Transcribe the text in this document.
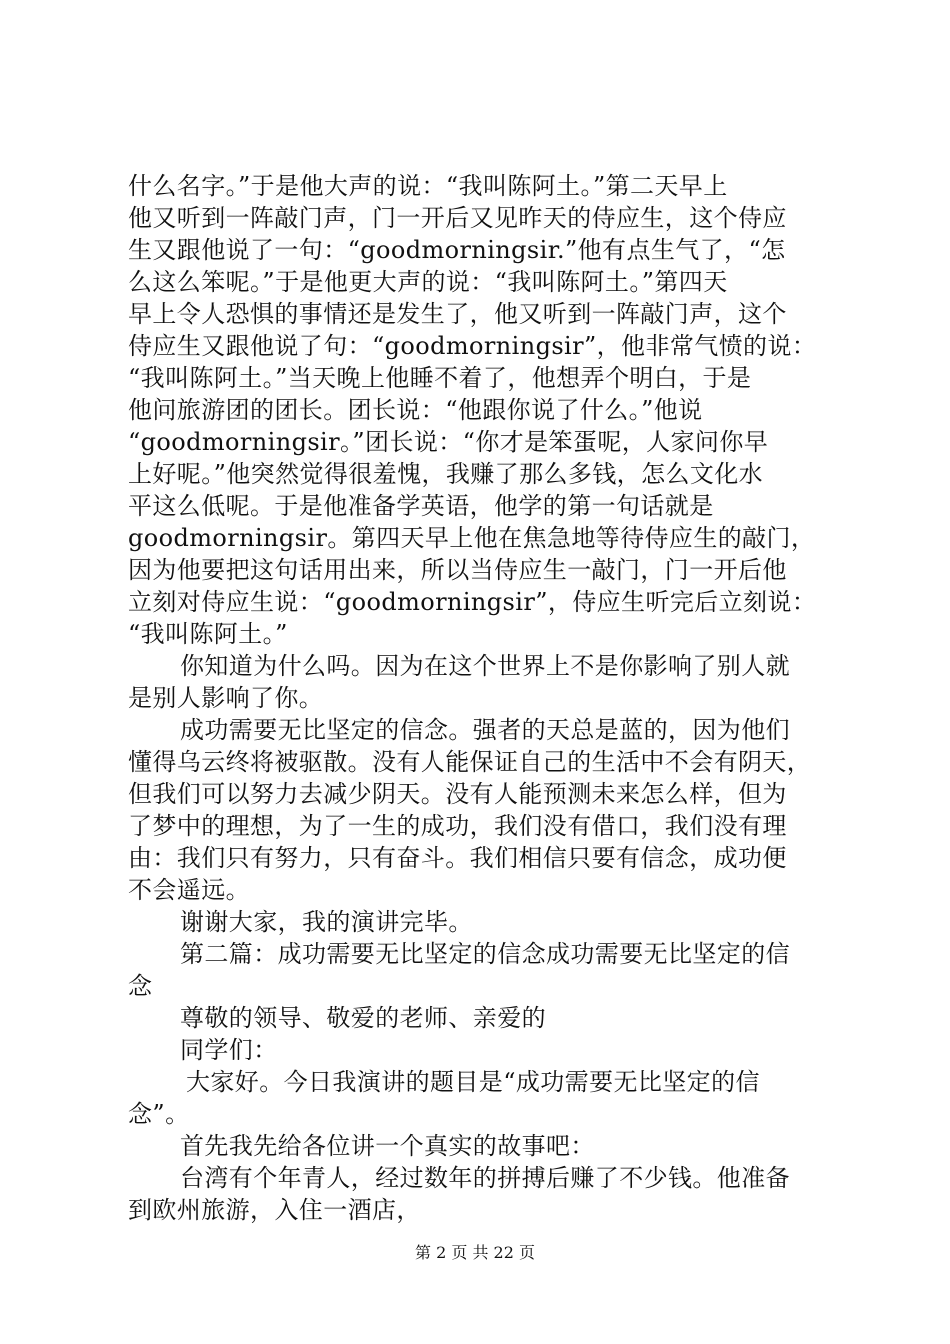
什么名字。”于是他大声的说：“我叫陈阿土。”第二天早上
他又听到一阵敲门声，门一开后又见昨天的侍应生，这个侍应
生又跟他说了一句：“goodmorningsir.”他有点生气了，“怎
么这么笨呢。”于是他更大声的说：“我叫陈阿土。”第四天
早上令人恐惧的事情还是发生了，他又听到一阵敲门声，这个
侍应生又跟他说了句：“goodmorningsir”，他非常气愤的说：
“我叫陈阿土。”当天晚上他睡不着了，他想弄个明白，于是
他问旅游团的团长。团长说：“他跟你说了什么。”他说
“goodmorningsir。”团长说：“你才是笨蛋呢，人家问你早
上好呢。”他突然觉得很羞愧，我赚了那么多钱，怎么文化水
平这么低呢。于是他准备学英语，他学的第一句话就是
goodmorningsir。第四天早上他在焦急地等待侍应生的敲门，
因为他要把这句话用出来，所以当侍应生一敲门，门一开后他
立刻对侍应生说：“goodmorningsir”，侍应生听完后立刻说：
“我叫陈阿土。”
你知道为什么吗。因为在这个世界上不是你影响了别人就
是别人影响了你。
成功需要无比坚定的信念。强者的天总是蓝的，因为他们
懂得乌云终将被驱散。没有人能保证自己的生活中不会有阴天，
但我们可以努力去减少阴天。没有人能预测未来怎么样，但为
了梦中的理想，为了一生的成功，我们没有借口，我们没有理
由：我们只有努力，只有奋斗。我们相信只要有信念，成功便
不会遥远。
谢谢大家，我的演讲完毕。
第二篇：成功需要无比坚定的信念成功需要无比坚定的信
念
尊敬的领导、敬爱的老师、亲爱的
同学们：
大家好。今日我演讲的题目是“成功需要无比坚定的信
念”。
首先我先给各位讲一个真实的故事吧：
台湾有个年青人，经过数年的拼搏后赚了不少钱。他准备
到欧州旅游，入住一酒店，
第 2 页 共 22 页
